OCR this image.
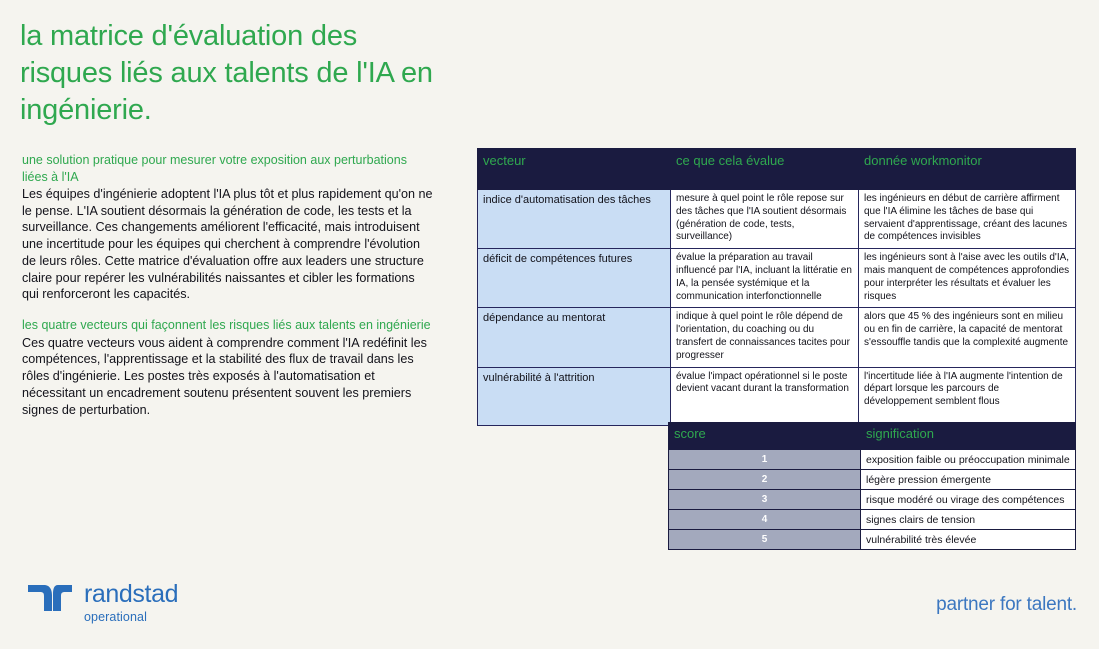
la matrice d'évaluation des risques liés aux talents de l'IA en ingénierie.
une solution pratique pour mesurer votre exposition aux perturbations liées à l'IA
Les équipes d'ingénierie adoptent l'IA plus tôt et plus rapidement qu'on ne le pense. L'IA soutient désormais la génération de code, les tests et la surveillance. Ces changements améliorent l'efficacité, mais introduisent une incertitude pour les équipes qui cherchent à comprendre l'évolution de leurs rôles. Cette matrice d'évaluation offre aux leaders une structure claire pour repérer les vulnérabilités naissantes et cibler les formations qui renforceront les capacités.
les quatre vecteurs qui façonnent les risques liés aux talents en ingénierie
Ces quatre vecteurs vous aident à comprendre comment l'IA redéfinit les compétences, l'apprentissage et la stabilité des flux de travail dans les rôles d'ingénierie. Les postes très exposés à l'automatisation et nécessitant un encadrement soutenu présentent souvent les premiers signes de perturbation.
vecteur	ce que cela évalue	donnée workmonitor
indice d'automatisation des tâches	mesure à quel point le rôle repose sur des tâches que l'IA soutient désormais (génération de code, tests, surveillance)	les ingénieurs en début de carrière affirment que l'IA élimine les tâches de base qui servaient d'apprentissage, créant des lacunes de compétences invisibles
déficit de compétences futures	évalue la préparation au travail influencé par l'IA, incluant la littératie en IA, la pensée systémique et la communication interfonctionnelle	les ingénieurs sont à l'aise avec les outils d'IA, mais manquent de compétences approfondies pour interpréter les résultats et évaluer les risques
dépendance au mentorat	indique à quel point le rôle dépend de l'orientation, du coaching ou du transfert de connaissances tacites pour progresser	alors que 45 % des ingénieurs sont en milieu ou en fin de carrière, la capacité de mentorat s'essouffle tandis que la complexité augmente
vulnérabilité à l'attrition	évalue l'impact opérationnel si le poste devient vacant durant la transformation	l'incertitude liée à l'IA augmente l'intention de départ lorsque les parcours de développement semblent flous
score	signification
1	exposition faible ou préoccupation minimale
2	légère pression émergente
3	risque modéré ou virage des compétences
4	signes clairs de tension
5	vulnérabilité très élevée
randstad
operational
partner for talent.
